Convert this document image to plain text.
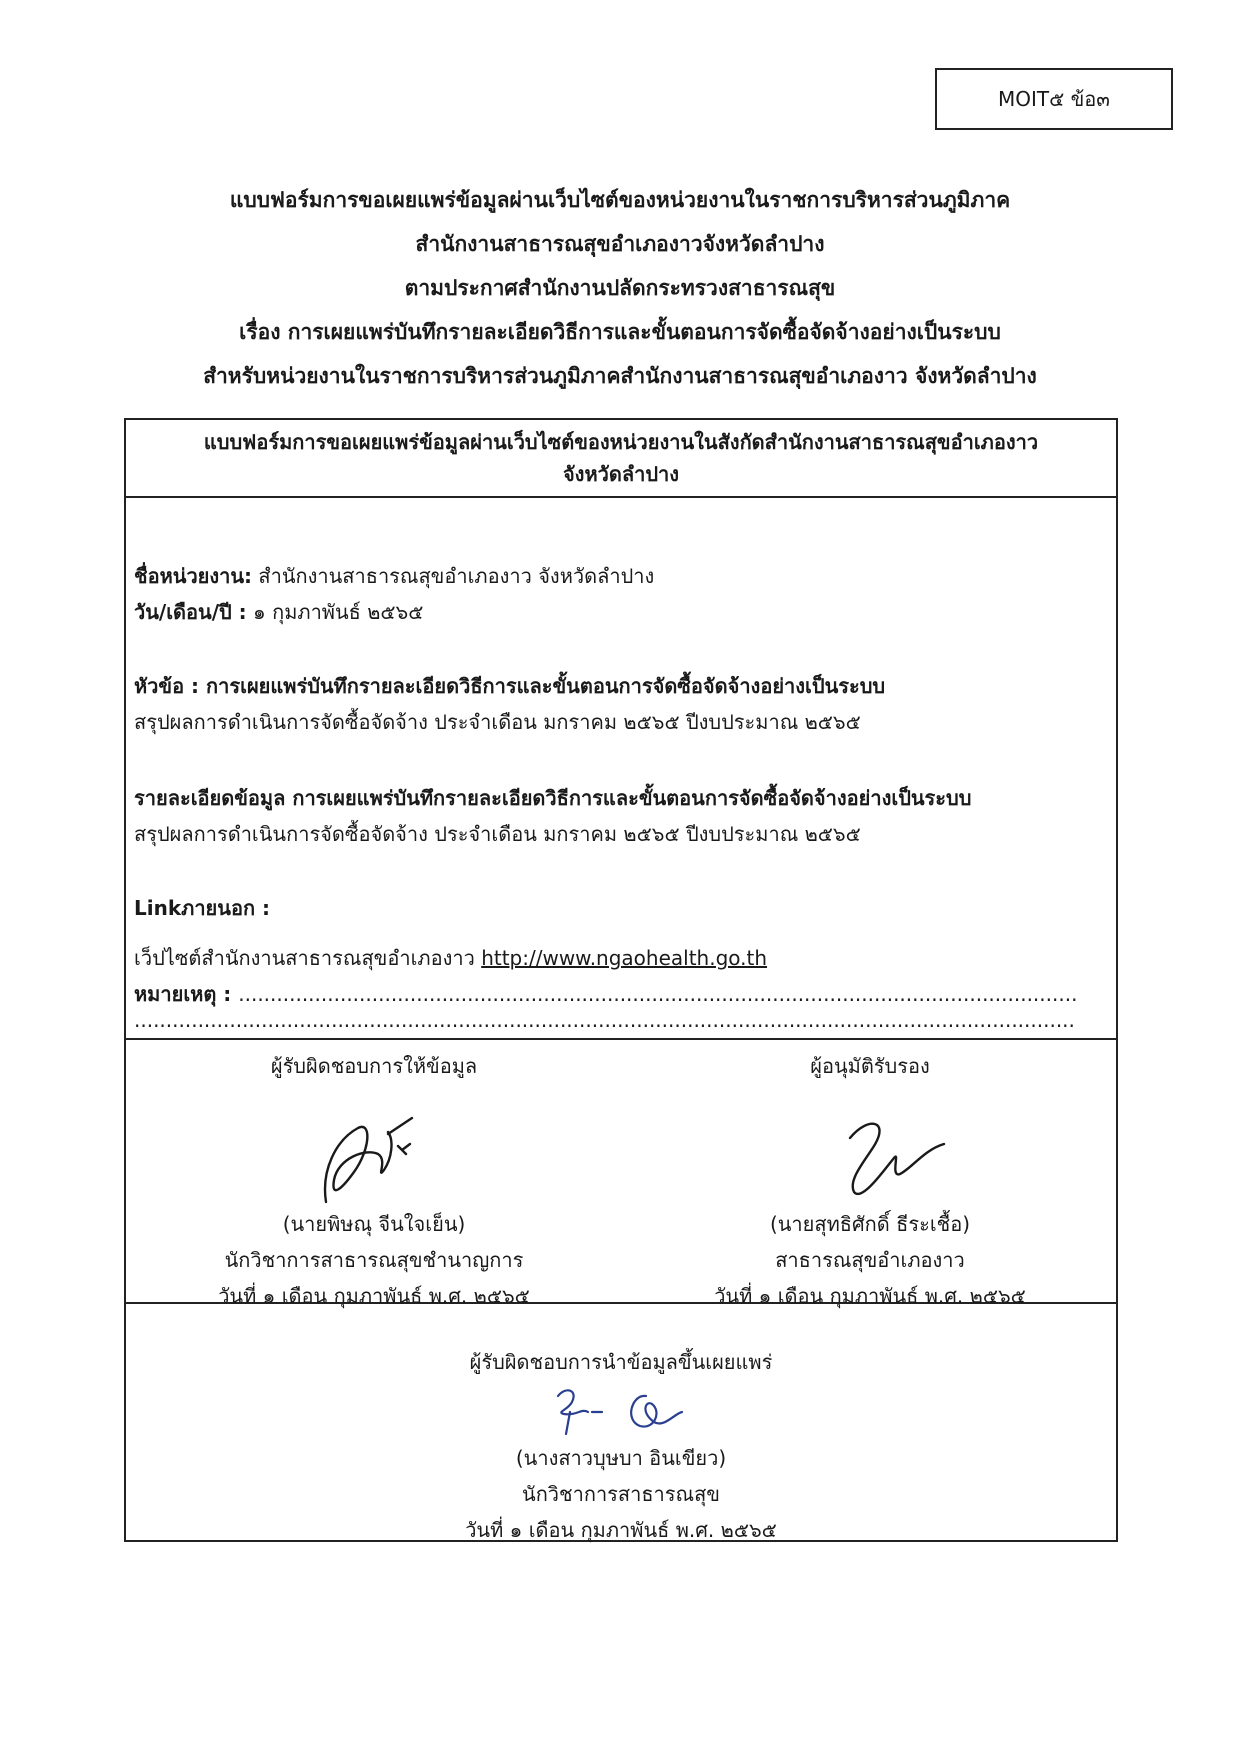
MOIT๕ ข้อ๓
แบบฟอร์มการขอเผยแพร่ข้อมูลผ่านเว็บไซต์ของหน่วยงานในราชการบริหารส่วนภูมิภาค
สำนักงานสาธารณสุขอำเภองาวจังหวัดลำปาง
ตามประกาศสำนักงานปลัดกระทรวงสาธารณสุข
เรื่อง การเผยแพร่บันทึกรายละเอียดวิธีการและขั้นตอนการจัดซื้อจัดจ้างอย่างเป็นระบบ
สำหรับหน่วยงานในราชการบริหารส่วนภูมิภาคสำนักงานสาธารณสุขอำเภองาว จังหวัดลำปาง
แบบฟอร์มการขอเผยแพร่ข้อมูลผ่านเว็บไซต์ของหน่วยงานในสังกัดสำนักงานสาธารณสุขอำเภองาว
จังหวัดลำปาง
ชื่อหน่วยงาน: สำนักงานสาธารณสุขอำเภองาว จังหวัดลำปาง
วัน/เดือน/ปี : ๑ กุมภาพันธ์ ๒๕๖๕
หัวข้อ : การเผยแพร่บันทึกรายละเอียดวิธีการและขั้นตอนการจัดซื้อจัดจ้างอย่างเป็นระบบ
สรุปผลการดำเนินการจัดซื้อจัดจ้าง ประจำเดือน มกราคม ๒๕๖๕ ปีงบประมาณ ๒๕๖๕
รายละเอียดข้อมูล การเผยแพร่บันทึกรายละเอียดวิธีการและขั้นตอนการจัดซื้อจัดจ้างอย่างเป็นระบบ
สรุปผลการดำเนินการจัดซื้อจัดจ้าง ประจำเดือน มกราคม ๒๕๖๕ ปีงบประมาณ ๒๕๖๕
Linkภายนอก :
เว็ปไซต์สำนักงานสาธารณสุขอำเภองาว http://www.ngaohealth.go.th
หมายเหตุ : ....................................................................................................................................
....................................................................................................................................................
ผู้รับผิดชอบการให้ข้อมูล
(นายพิษณุ จีนใจเย็น)
นักวิชาการสาธารณสุขชำนาญการ
วันที่ ๑ เดือน กุมภาพันธ์ พ.ศ. ๒๕๖๕
ผู้อนุมัติรับรอง
(นายสุทธิศักดิ์ ธีระเชื้อ)
สาธารณสุขอำเภองาว
วันที่ ๑ เดือน กุมภาพันธ์ พ.ศ. ๒๕๖๕
ผู้รับผิดชอบการนำข้อมูลขึ้นเผยแพร่
(นางสาวบุษบา อินเขียว)
นักวิชาการสาธารณสุข
วันที่ ๑ เดือน กุมภาพันธ์ พ.ศ. ๒๕๖๕
